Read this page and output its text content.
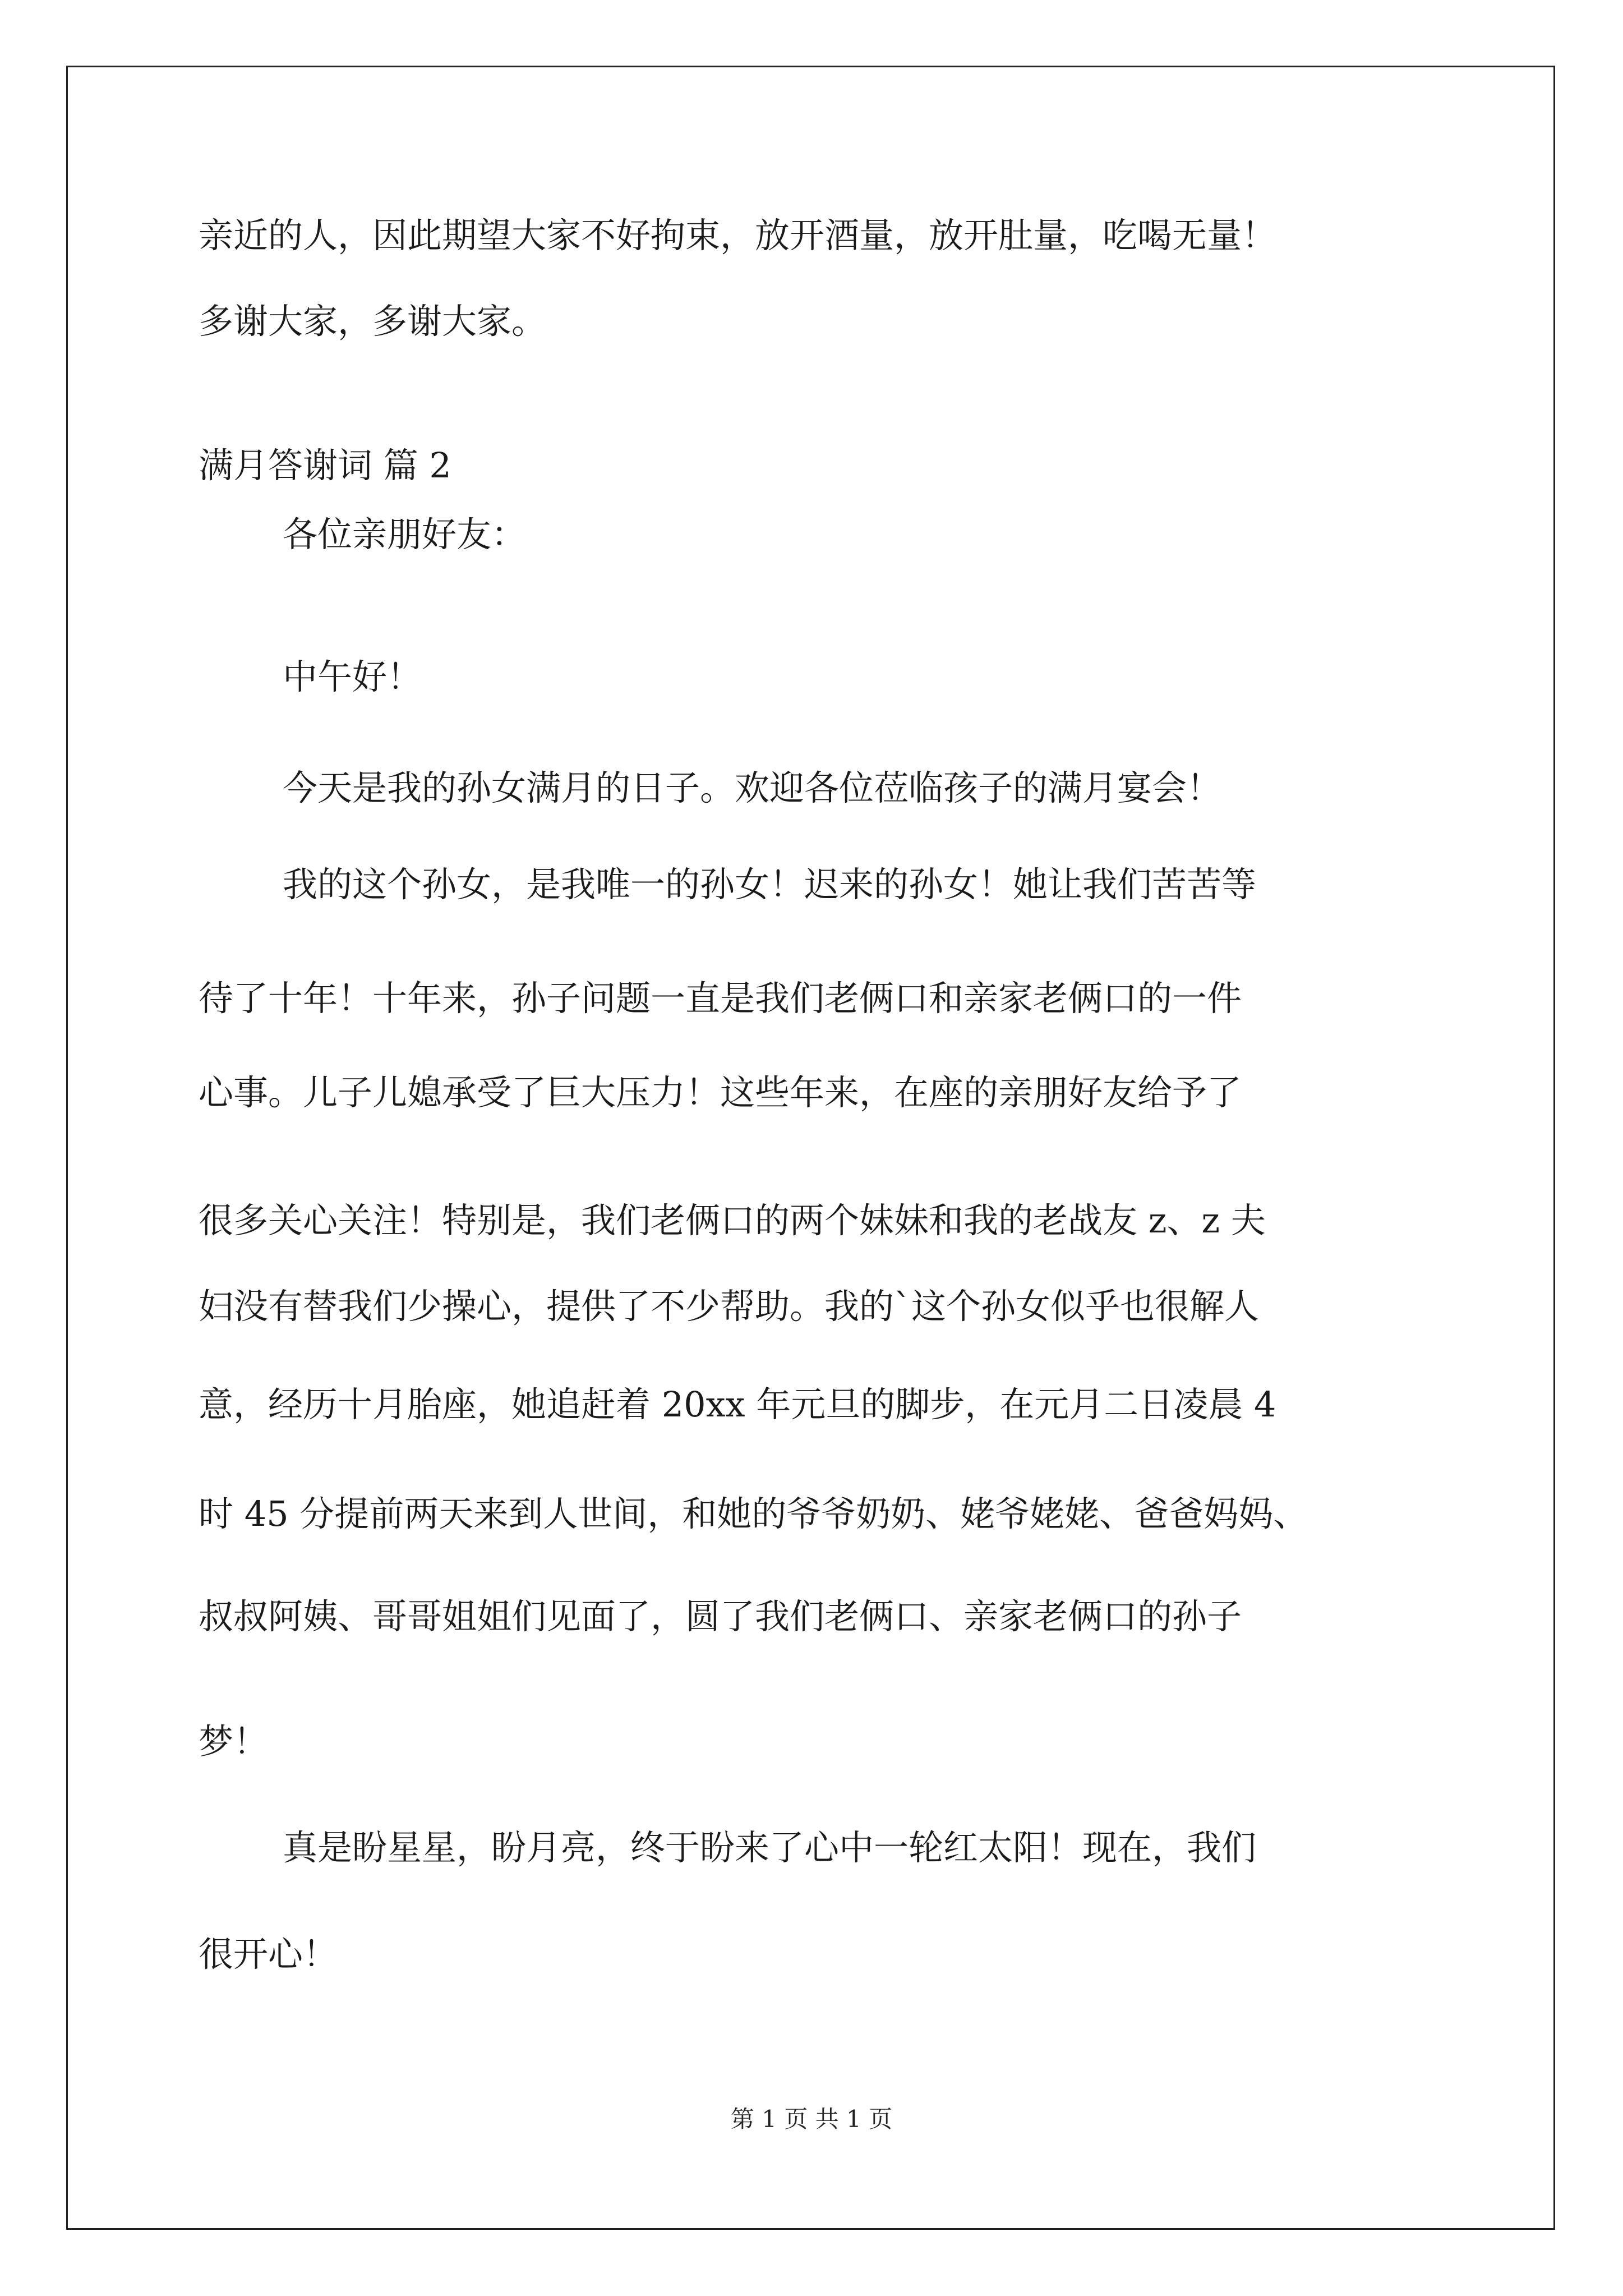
亲近的人，因此期望大家不好拘束，放开酒量，放开肚量，吃喝无量！
多谢大家，多谢大家。
满月答谢词 篇 2
各位亲朋好友：
中午好！
今天是我的孙女满月的日子。欢迎各位莅临孩子的满月宴会！
我的这个孙女，是我唯一的孙女！迟来的孙女！她让我们苦苦等
待了十年！十年来，孙子问题一直是我们老俩口和亲家老俩口的一件
心事。儿子儿媳承受了巨大压力！这些年来，在座的亲朋好友给予了
很多关心关注！特别是，我们老俩口的两个妹妹和我的老战友 z、z 夫
妇没有替我们少操心，提供了不少帮助。我的`这个孙女似乎也很解人
意，经历十月胎座，她追赶着 20xx 年元旦的脚步，在元月二日凌晨 4
时 45 分提前两天来到人世间，和她的爷爷奶奶、姥爷姥姥、爸爸妈妈、
叔叔阿姨、哥哥姐姐们见面了，圆了我们老俩口、亲家老俩口的孙子
梦！
真是盼星星，盼月亮，终于盼来了心中一轮红太阳！现在，我们
很开心！
第 1 页 共 1 页
